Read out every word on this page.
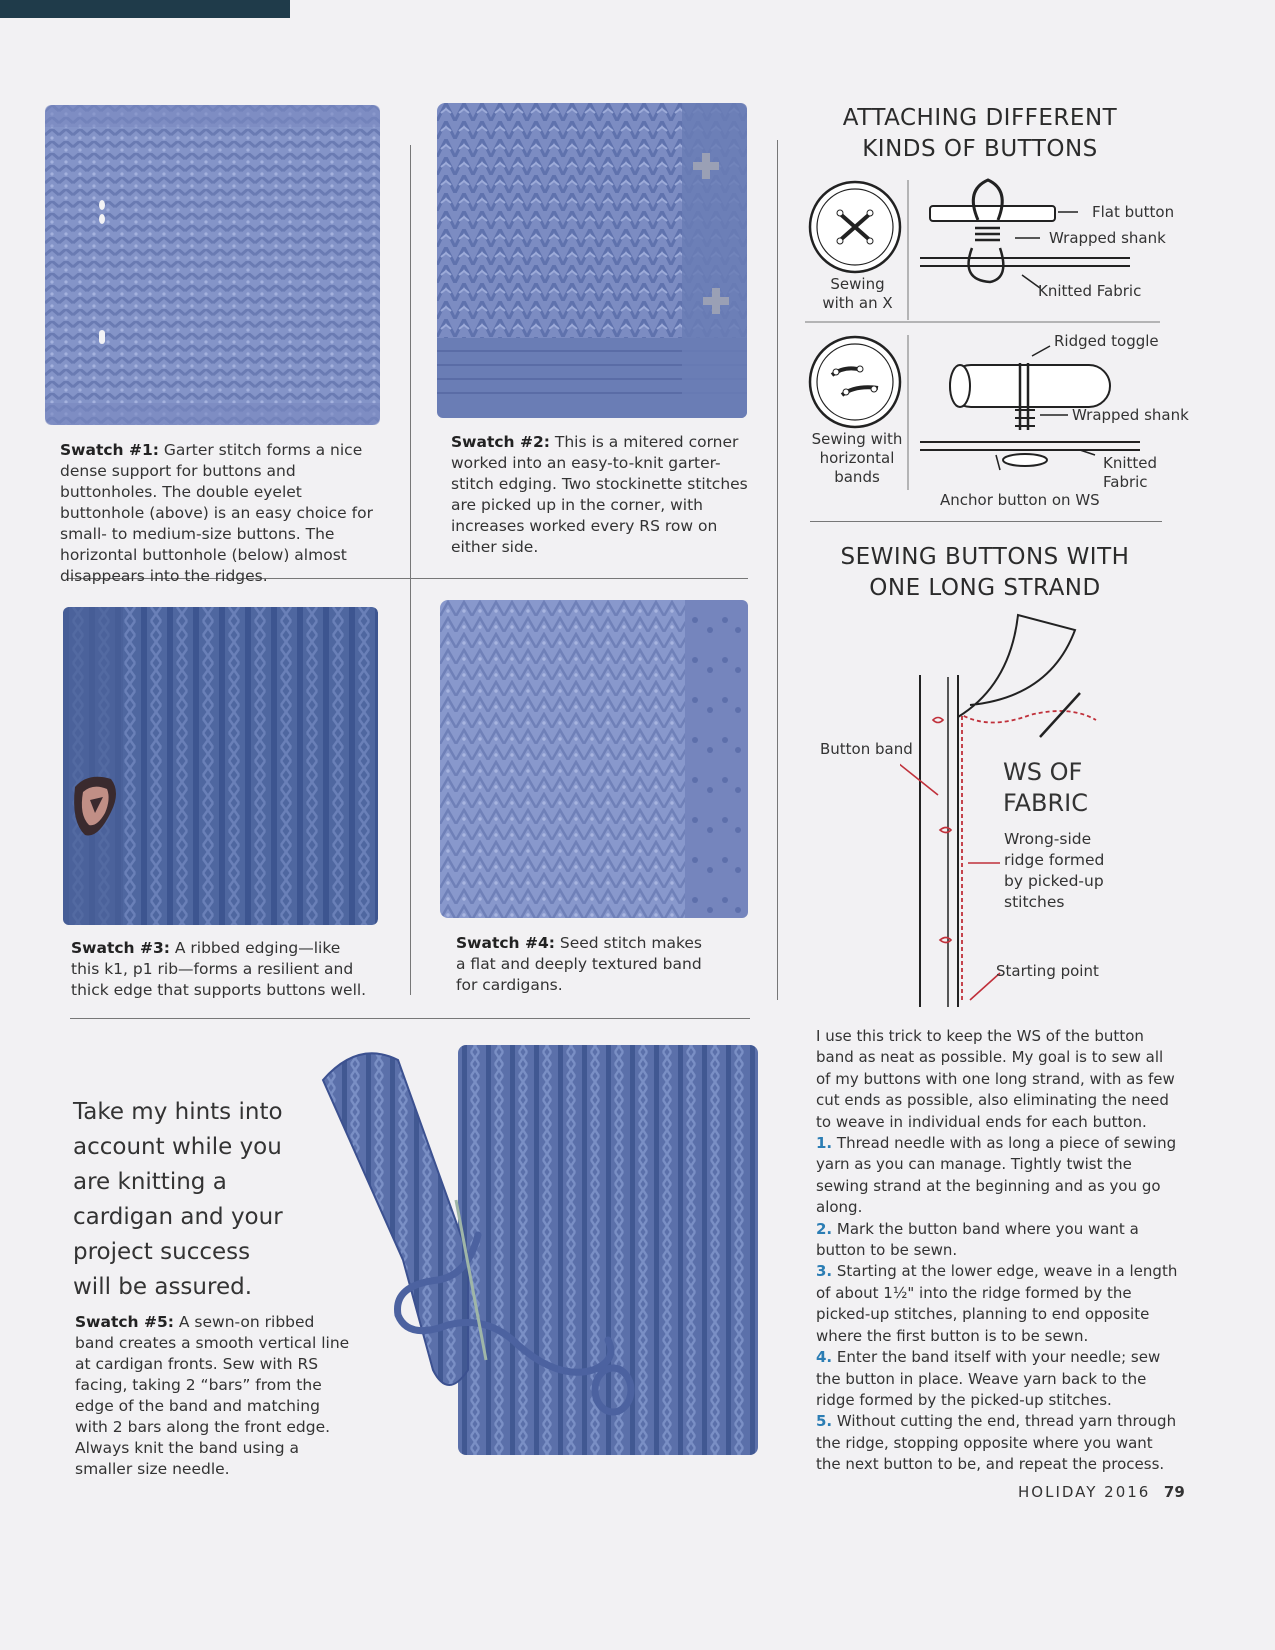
Swatch #1: Garter stitch forms a nice dense support for buttons and buttonholes. The double eyelet buttonhole (above) is an easy choice for small- to medium-size buttons. The horizontal buttonhole (below) almost disappears into the ridges.
Swatch #2: This is a mitered corner worked into an easy-to-knit garter-stitch edging. Two stockinette stitches are picked up in the corner, with increases worked every RS row on either side.
Swatch #3: A ribbed edging—like this k1, p1 rib—forms a resilient and thick edge that supports buttons well.
Swatch #4: Seed stitch makes a flat and deeply textured band for cardigans.
Swatch #5: A sewn-on ribbed band creates a smooth vertical line at cardigan fronts. Sew with RS facing, taking 2 “bars” from the edge of the band and matching with 2 bars along the front edge. Always knit the band using a smaller size needle.
Take my hints into account while you are knitting a cardigan and your project success will be assured.
ATTACHING DIFFERENT KINDS OF BUTTONS
Sewing with an X
Flat button
Wrapped shank
Knitted Fabric
Sewing with horizontal bands
Ridged toggle
Wrapped shank
Knitted Fabric
Anchor button on WS
SEWING BUTTONS WITH ONE LONG STRAND
Button band
WS OF FABRIC
Wrong-side ridge formed by picked-up stitches
Starting point
I use this trick to keep the WS of the button band as neat as possible. My goal is to sew all of my buttons with one long strand, with as few cut ends as possible, also eliminating the need to weave in individual ends for each button.
1. Thread needle with as long a piece of sewing yarn as you can manage. Tightly twist the sewing strand at the beginning and as you go along.
2. Mark the button band where you want a button to be sewn.
3. Starting at the lower edge, weave in a length of about 1½" into the ridge formed by the picked-up stitches, planning to end opposite where the first button is to be sewn.
4. Enter the band itself with your needle; sew the button in place. Weave yarn back to the ridge formed by the picked-up stitches.
5. Without cutting the end, thread yarn through the ridge, stopping opposite where you want the next button to be, and repeat the process.
HOLIDAY 2016 79
